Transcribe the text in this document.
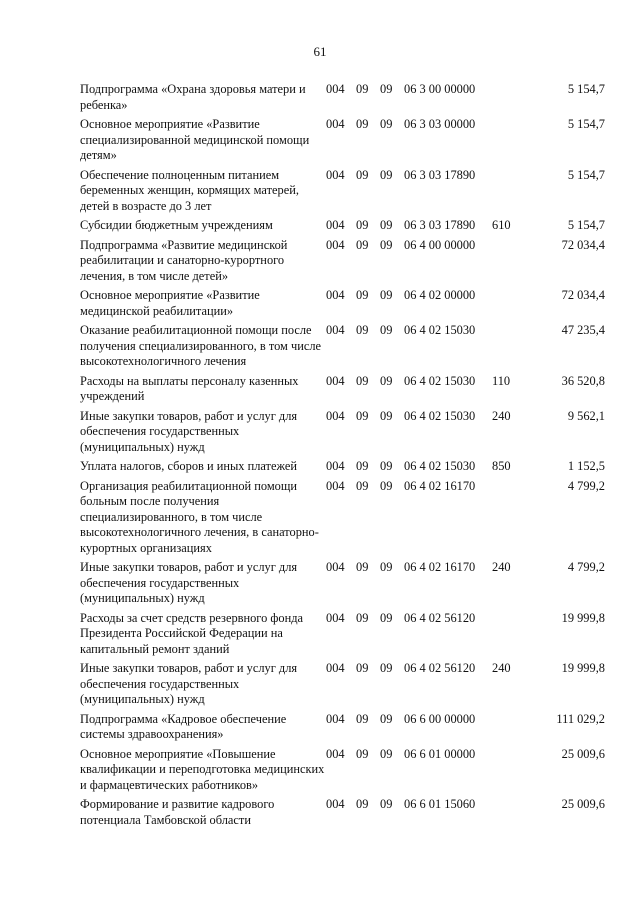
61
Подпрограмма «Охрана здоровья матери и ребенка»	004	09	09	06 3 00 00000		5 154,7
Основное мероприятие «Развитие специализированной медицинской помощи детям»	004	09	09	06 3 03 00000		5 154,7
Обеспечение полноценным питанием беременных женщин, кормящих матерей, детей в возрасте до 3 лет	004	09	09	06 3 03 17890		5 154,7
Субсидии бюджетным учреждениям	004	09	09	06 3 03 17890	610	5 154,7
Подпрограмма «Развитие медицинской реабилитации и санаторно-курортного лечения, в том числе детей»	004	09	09	06 4 00 00000		72 034,4
Основное мероприятие «Развитие медицинской реабилитации»	004	09	09	06 4 02 00000		72 034,4
Оказание реабилитационной помощи после получения специализированного, в том числе высокотехнологичного лечения	004	09	09	06 4 02 15030		47 235,4
Расходы на выплаты персоналу казенных учреждений	004	09	09	06 4 02 15030	110	36 520,8
Иные закупки товаров, работ и услуг для обеспечения государственных (муниципальных) нужд	004	09	09	06 4 02 15030	240	9 562,1
Уплата налогов, сборов и иных платежей	004	09	09	06 4 02 15030	850	1 152,5
Организация реабилитационной помощи больным после получения специализированного, в том числе высокотехнологичного лечения, в санаторно-курортных организациях	004	09	09	06 4 02 16170		4 799,2
Иные закупки товаров, работ и услуг для обеспечения государственных (муниципальных) нужд	004	09	09	06 4 02 16170	240	4 799,2
Расходы за счет средств резервного фонда Президента Российской Федерации на капитальный ремонт зданий	004	09	09	06 4 02 56120		19 999,8
Иные закупки товаров, работ и услуг для обеспечения государственных (муниципальных) нужд	004	09	09	06 4 02 56120	240	19 999,8
Подпрограмма «Кадровое обеспечение системы здравоохранения»	004	09	09	06 6 00 00000		111 029,2
Основное мероприятие «Повышение квалификации и переподготовка медицинских и фармацевтических работников»	004	09	09	06 6 01 00000		25 009,6
Формирование и развитие кадрового потенциала Тамбовской области	004	09	09	06 6 01 15060		25 009,6
